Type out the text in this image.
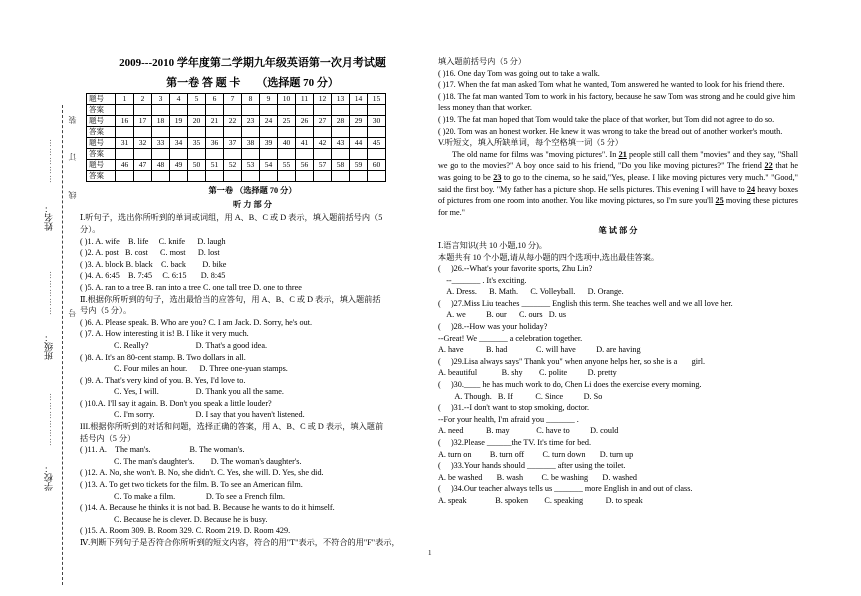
装
订
线
号
姓名：
……………
班级：
……………
学校：
………………
2009---2010 学年度第二学期九年级英语第一次月考试题
第一卷 答 题 卡 （选择题 70 分）
题号	1	2	3	4	5	6	7	8	9	10	11	12	13	14	15
答案															
题号	16	17	18	19	20	21	22	23	24	25	26	27	28	29	30
答案															
题号	31	32	33	34	35	36	37	38	39	40	41	42	43	44	45
答案															
题号	46	47	48	49	50	51	52	53	54	55	56	57	58	59	60
答案															
第一卷 （选择题 70 分）
听 力 部 分
Ⅰ.听句子，选出你所听到的单词或词组，用 A、B、C 或 D 表示，填入题前括号内（5
分）。
( )1. A. wife    B. life     C. knife      D. laugh
( )2. A. post   B. cost      C. most      D. lost
( )3. A. block B. black    C. back        D. bike
( )4. A. 6:45    B. 7:45     C. 6:15       D. 8:45
( )5. A. ran to a tree B. ran into a tree C. one tall tree D. one to three
Ⅱ.根据你所听到的句子，选出最恰当的应答句，用 A、B、C 或 D 表示，填入题前括
号内（5 分）。
( )6. A. Please speak. B. Who are you? C. I am Jack. D. Sorry, he's out.
( )7. A. How interesting it is! B. I like it very much.
C. Really?                       D. That's a good idea.
( )8. A. It's an 80-cent stamp. B. Two dollars in all.
C. Four miles an hour.      D. Three one-yuan stamps.
( )9. A. That's very kind of you. B. Yes, I'd love to.
C. Yes, I will.                  D. Thank you all the same.
( )10.A. I'll say it again. B. Don't you speak a little louder?
C. I'm sorry.                    D. I say that you haven't listened.
III.根据你所听到的对话和问题，选择正确的答案，用 A、B、C 或 D 表示，填入题前
括号内（5 分）
( )11. A.    The man's.                   B. The woman's.
C. The man's daughter's.        D. The woman's daughter's.
( )12. A. No, she won't. B. No, she didn't. C. Yes, she will. D. Yes, she did.
( )13. A. To get two tickets for the film. B. To see an American film.
C. To make a film.               D. To see a French film.
( )14. A. Because he thinks it is not bad. B. Because he wants to do it himself.
C. Because he is clever. D. Because he is busy.
( )15. A. Room 309. B. Room 329. C. Room 219. D. Room 429.
Ⅳ.判断下列句子是否符合你所听到的短文内容，符合的用"T"表示，不符合的用"F"表示，
填入题前括号内（5 分）
( )16. One day Tom was going out to take a walk.
( )17. When the fat man asked Tom what he wanted, Tom answered he wanted to look for his friend there.
( )18. The fat man wanted Tom to work in his factory, because he saw Tom was strong and he could give him less money than that worker.
( )19. The fat man hoped that Tom would take the place of that worker, but Tom did not agree to do so.
( )20. Tom was an honest worker. He knew it was wrong to take the bread out of another worker's mouth.
V.听短文，填入所缺单词，每个空格填一词（5 分）
The old name for films was "moving pictures". In 21 people still call them "movies" and they say, "Shall we go to the movies?" A boy once said to his friend, "Do you like moving pictures?" The friend 22 that he was going to be 23 to go to the cinema, so he said,"Yes, please. I like moving pictures very much." "Good," said the first boy. "My father has a picture shop. He sells pictures. This evening I will have to 24 heavy boxes of pictures from one room into another. You like moving pictures, so I'm sure you'll 25 moving these pictures for me."
笔 试 部 分
Ⅰ.语言知识(共 10 小题,10 分)。
本题共有 10 个小题,请从每小题的四个选项中,选出最佳答案。
(     )26.--What's your favorite sports, Zhu Lin?
--_______ . It's exciting.
A. Dress.      B. Math.      C. Volleyball.      D. Orange.
(     )27.Miss Liu teaches _______ English this term. She teaches well and we all love her.
A. we          B. our      C. ours   D. us
(     )28.--How was your holiday?
--Great! We _______ a celebration together.
A. have           B. had              C. will have          D. are having
(     )29.Lisa always says" Thank you" when anyone helps her, so she is a       girl.
A. beautiful            B. shy        C. polite          D. pretty
(     )30.____ he has much work to do, Chen Li does the exercise every morning.
A. Though.   B. If           C. Since          D. So
(     )31.--I don't want to stop smoking, doctor.
--For your health, I'm afraid you _______ .
A. need           B. may             C. have to          D. could
(     )32.Please ______the TV. It's time for bed.
A. turn on         B. turn off         C. turn down       D. turn up
(     )33.Your hands should _______ after using the toilet.
A. be washed       B. wash         C. be washing       D. washed
(     )34.Our teacher always tells us _______ more English in and out of class.
A. speak              B. spoken        C. speaking           D. to speak
1
